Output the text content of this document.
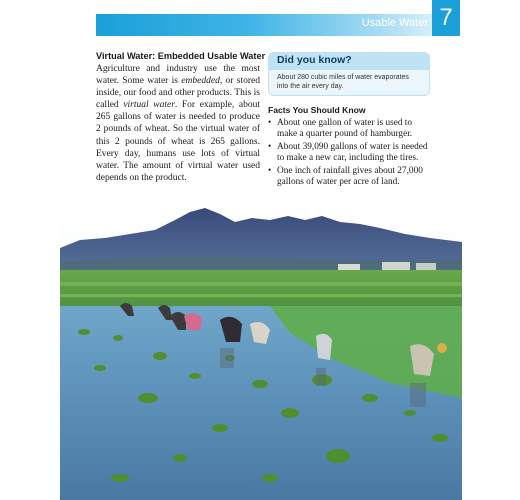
Usable Water 7
Virtual Water: Embedded Usable Water

Agriculture and industry use the most water. Some water is embedded, or stored inside, our food and other products. This is called virtual water. For example, about 265 gallons of water is needed to produce 2 pounds of wheat. So the virtual water of this 2 pounds of wheat is 265 gallons. Every day, humans use lots of virtual water. The amount of virtual water used depends on the product.

Did you know?
About 280 cubic miles of water evaporates into the air every day.
Facts You Should Know
• About one gallon of water is used to make a quarter pound of hamburger.
• About 39,090 gallons of water is needed to make a new car, including the tires.
• One inch of rainfall gives about 27,000 gallons of water per acre of land.
